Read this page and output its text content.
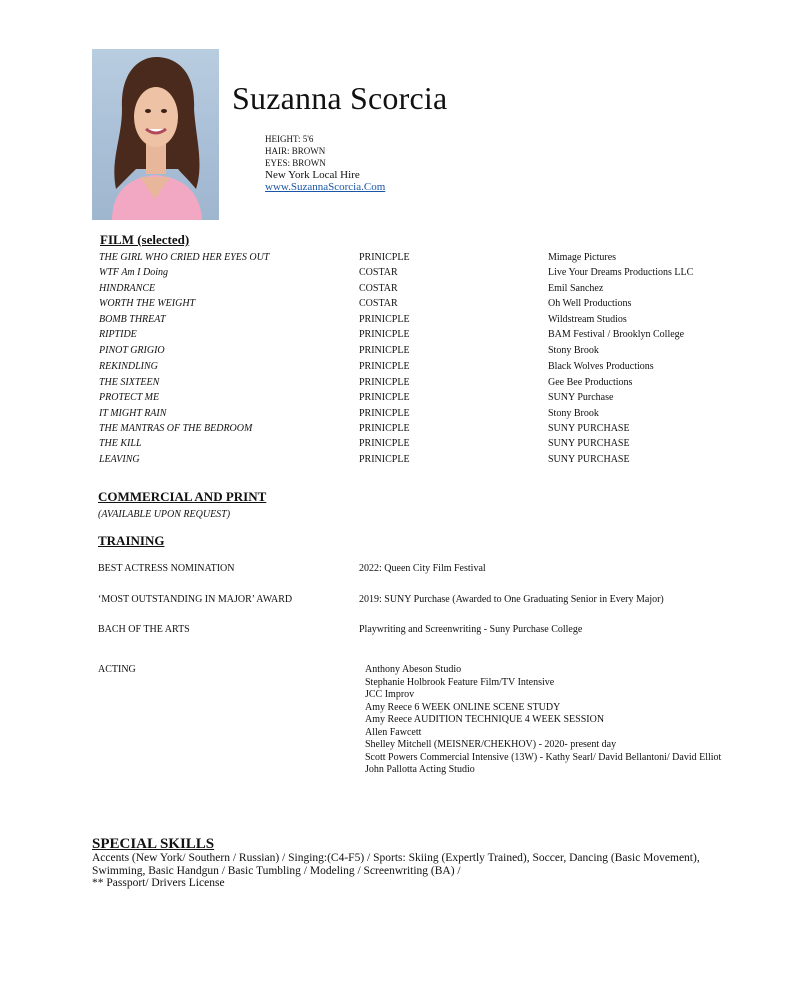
Suzanna Scorcia
HEIGHT: 5'6
HAIR: BROWN
EYES: BROWN
New York Local Hire
www.SuzannaScorcia.Com
FILM (selected)
THE GIRL WHO CRIED HER EYES OUT	PRINICPLE	Mimage Pictures
WTF Am I Doing	COSTAR	Live Your Dreams Productions LLC
HINDRANCE	COSTAR	Emil Sanchez
WORTH THE WEIGHT	COSTAR	Oh Well Productions
BOMB THREAT	PRINICPLE	Wildstream Studios
RIPTIDE	PRINICPLE	BAM Festival / Brooklyn College
PINOT GRIGIO	PRINICPLE	Stony Brook
REKINDLING	PRINICPLE	Black Wolves Productions
THE SIXTEEN	PRINICPLE	Gee Bee Productions
PROTECT ME	PRINICPLE	SUNY Purchase
IT MIGHT RAIN	PRINICPLE	Stony Brook
THE MANTRAS OF THE BEDROOM	PRINICPLE	SUNY PURCHASE
THE KILL	PRINICPLE	SUNY PURCHASE
LEAVING	PRINICPLE	SUNY PURCHASE
COMMERCIAL AND PRINT
(AVAILABLE UPON REQUEST)
TRAINING
BEST ACTRESS NOMINATION	2022: Queen City Film Festival
‘MOST OUTSTANDING IN MAJOR’ AWARD	2019: SUNY Purchase (Awarded to One Graduating Senior in Every Major)
BACH OF THE ARTS	Playwriting and Screenwriting - Suny Purchase College
ACTING	Anthony Abeson Studio
Stephanie Holbrook Feature Film/TV Intensive
JCC Improv
Amy Reece 6 WEEK ONLINE SCENE STUDY
Amy Reece AUDITION TECHNIQUE 4 WEEK SESSION
Allen Fawcett
Shelley Mitchell (MEISNER/CHEKHOV) - 2020- present day
Scott Powers Commercial Intensive (13W) - Kathy Searl/ David Bellantoni/ David Elliot
John Pallotta Acting Studio
SPECIAL SKILLS
Accents (New York/ Southern / Russian) / Singing:(C4-F5) / Sports: Skiing (Expertly Trained), Soccer, Dancing (Basic Movement), Swimming, Basic Handgun / Basic Tumbling / Modeling / Screenwriting (BA) /
** Passport/ Drivers License
